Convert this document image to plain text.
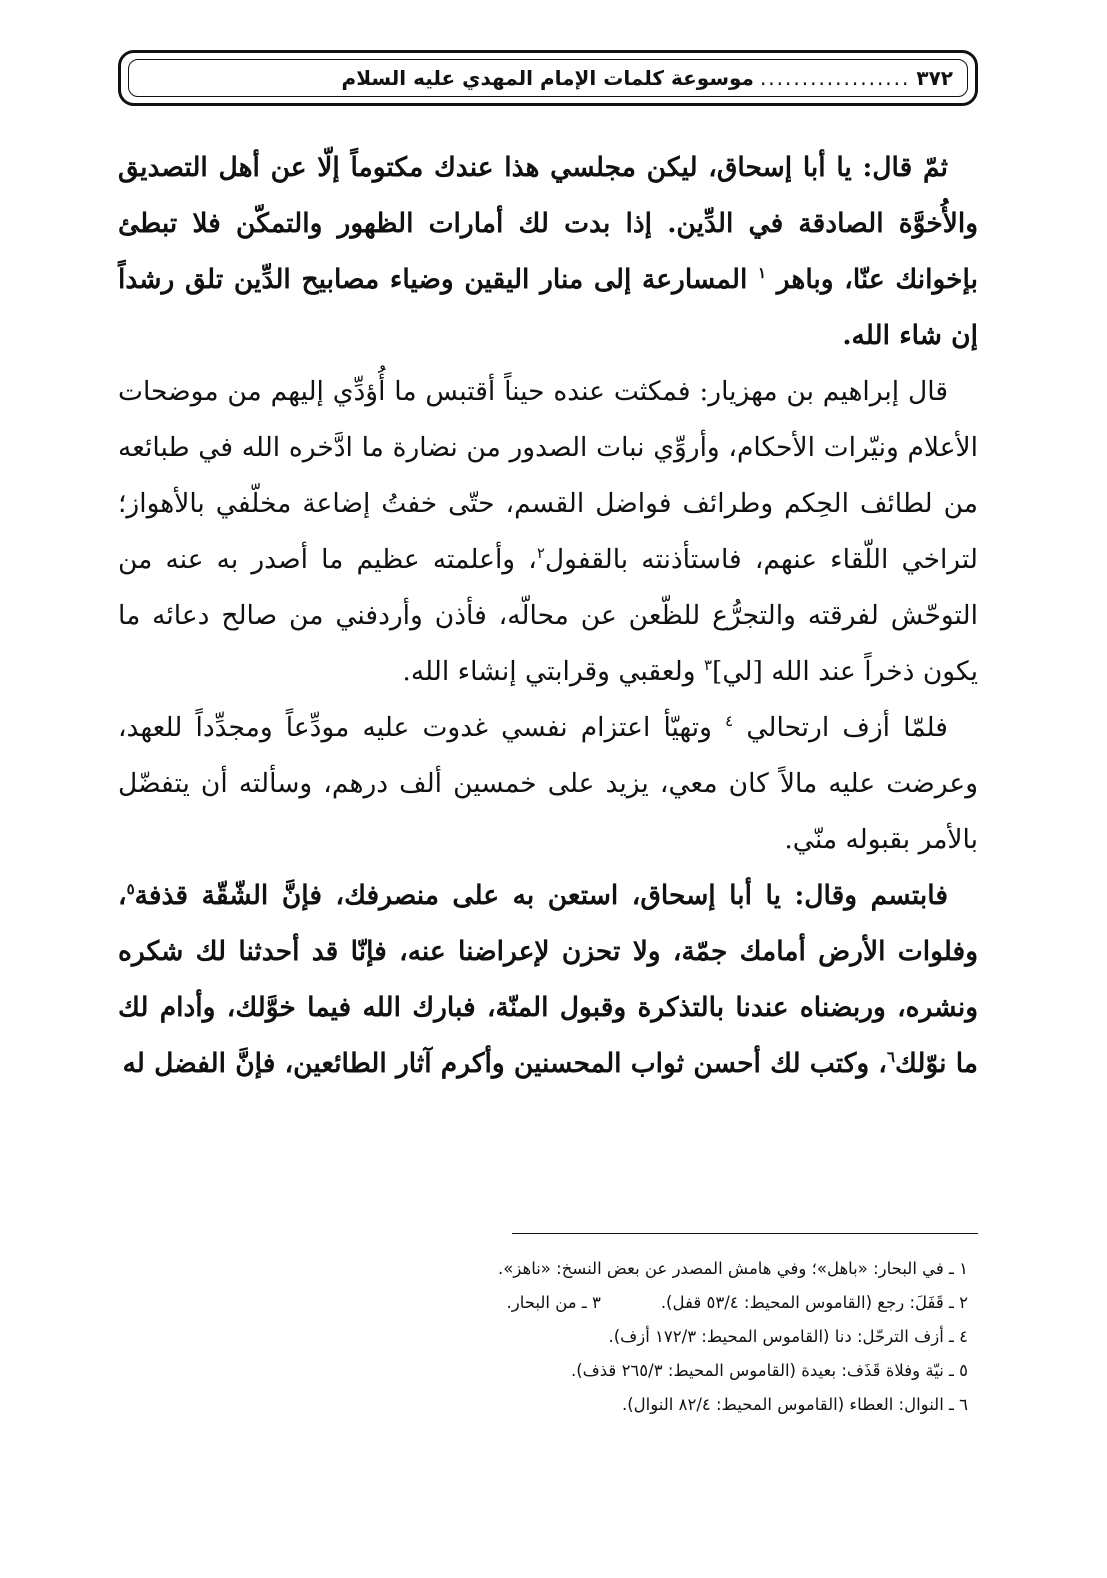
٣٧٢
..................
موسوعة كلمات الإمام المهدي عليه السلام

ثمّ قال: يا أبا إسحاق، ليكن مجلسي هذا عندك مكتوماً إلّا عن أهل التصديق والأُخوَّة الصادقة في الدِّين. إذا بدت لك أمارات الظهور والتمكّن فلا تبطئ بإخوانك عنّا، وباهر $^١$ المسارعة إلى منار اليقين وضياء مصابيح الدِّين تلق رشداً إن شاء الله.

قال إبراهيم بن مهزيار: فمكثت عنده حيناً أقتبس ما أُؤدِّي إليهم من موضحات الأعلام ونيّرات الأحكام، وأروِّي نبات الصدور من نضارة ما ادَّخره الله في طبائعه من لطائف الحِكم وطرائف فواضل القسم، حتّى خفتُ إضاعة مخلّفي بالأهواز؛ لتراخي اللّقاء عنهم، فاستأذنته بالقفول$^٢$، وأعلمته عظيم ما أصدر به عنه من التوحّش لفرقته والتجرُّع للظّعن عن محالّه، فأذن وأردفني من صالح دعائه ما يكون ذخراً عند الله [لي]$^٣$ ولعقبي وقرابتي إنشاء الله.

فلمّا أزف ارتحالي $^٤$ وتهيّأ اعتزام نفسي غدوت عليه مودِّعاً ومجدِّداً للعهد، وعرضت عليه مالاً كان معي، يزيد على خمسين ألف درهم، وسألته أن يتفضّل بالأمر بقبوله منّي.

فابتسم وقال: يا أبا إسحاق، استعن به على منصرفك، فإنَّ الشّقّة قذفة$^٥$، وفلوات الأرض أمامك جمّة، ولا تحزن لإعراضنا عنه، فإنّا قد أحدثنا لك شكره ونشره، وربضناه عندنا بالتذكرة وقبول المنّة، فبارك الله فيما خوَّلك، وأدام لك ما نوّلك$^٦$، وكتب لك أحسن ثواب المحسنين وأكرم آثار الطائعين، فإنَّ الفضل له

١ ـ في البحار: «باهل»؛ وفي هامش المصدر عن بعض النسخ: «ناهز».

٢ ـ قَفَلَ: رجع (القاموس المحيط: ٥٣/٤ قفل).٣ ـ من البحار.

٤ ـ أزف الترحّل: دنا (القاموس المحيط: ١٧٢/٣ أزف).

٥ ـ نيّة وفلاة قَذَف: بعيدة (القاموس المحيط: ٢٦٥/٣ قذف).

٦ ـ النوال: العطاء (القاموس المحيط: ٨٢/٤ النوال).
